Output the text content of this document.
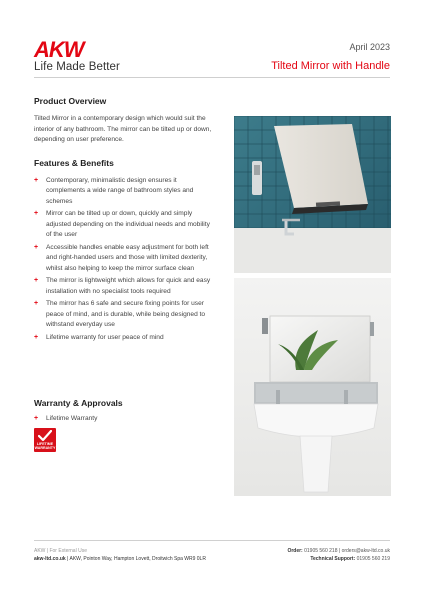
AKW
Life Made Better
April 2023
Tilted Mirror with Handle
Product Overview

Tilted Mirror in a contemporary design which would suit the interior of any bathroom. The mirror can be tilted up or down, depending on user preference.

Features & Benefits
+ Contemporary, minimalistic design ensures it complements a wide range of bathroom styles and schemes
+ Mirror can be tilted up or down, quickly and simply adjusted depending on the individual needs and mobility of the user
+ Accessible handles enable easy adjustment for both left and right-handed users and those with limited dexterity, whilst also helping to keep the mirror surface clean
+ The mirror is lightweight which allows for quick and easy installation with no specialist tools required
+ The mirror has 6 safe and secure fixing points for user peace of mind, and is durable, while being designed to withstand everyday use
+ Lifetime warranty for user peace of mind
Warranty & Approvals
+ Lifetime Warranty
LIFETIME
WARRANTY
AKW | For External Use
akw-ltd.co.uk | AKW, Pointon Way, Hampton Lovett, Droitwich Spa WR9 0LR
Order: 01905 560 218 | orders@akw-ltd.co.uk
Technical Support: 01905 560 219
